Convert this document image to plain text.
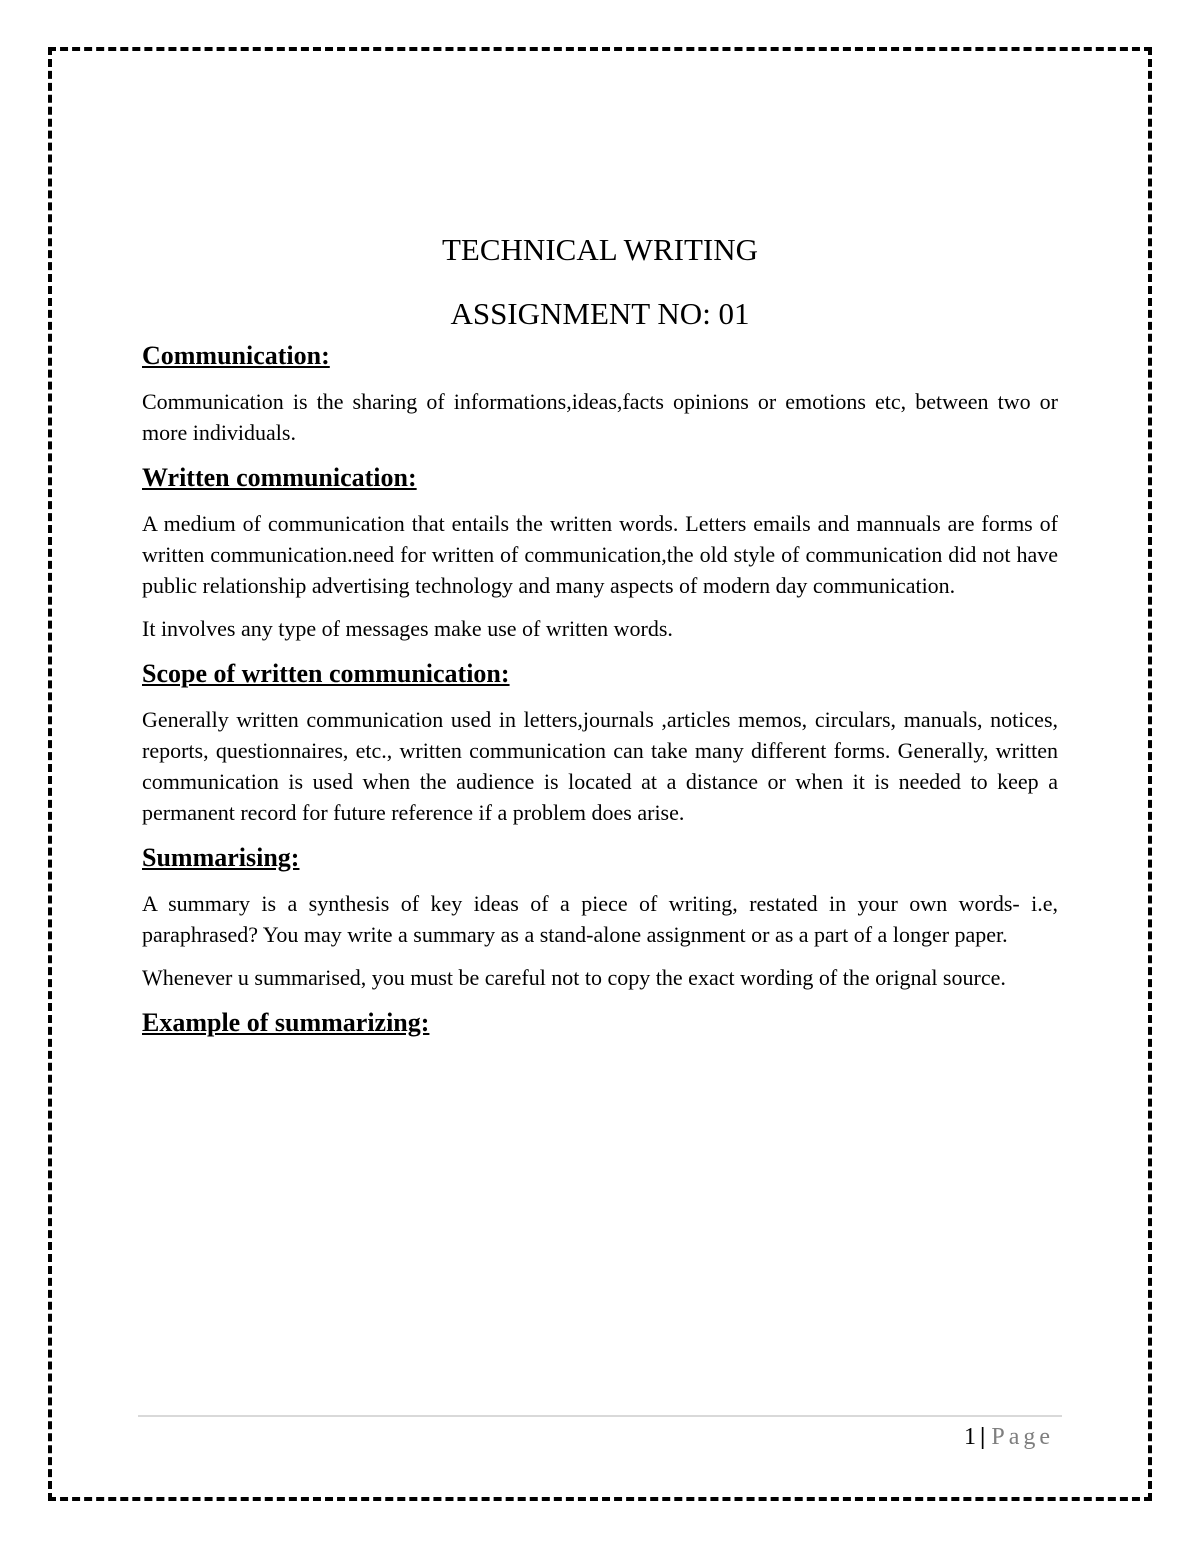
TECHNICAL WRITING
ASSIGNMENT NO: 01
Communication:

Communication is the sharing of informations,ideas,facts opinions or emotions etc, between two or more individuals.

Written communication:

A medium of communication that entails the written words. Letters emails and mannuals are forms of written communication.need for written of communication,the old style of communication did not have public relationship advertising technology and many aspects of modern day communication.

It involves any type of messages make use of written words.

Scope of written communication:

Generally written communication used in letters,journals ,articles memos, circulars, manuals, notices, reports, questionnaires, etc., written communication can take many different forms. Generally, written communication is used when the audience is located at a distance or when it is needed to keep a permanent record for future reference if a problem does arise.

Summarising:

A summary is a synthesis of key ideas of a piece of writing, restated in your own words- i.e, paraphrased? You may write a summary as a stand-alone assignment or as a part of a longer paper.

Whenever u summarised, you must be careful not to copy the exact wording of the orignal source.

Example of summarizing:
1 | Page
